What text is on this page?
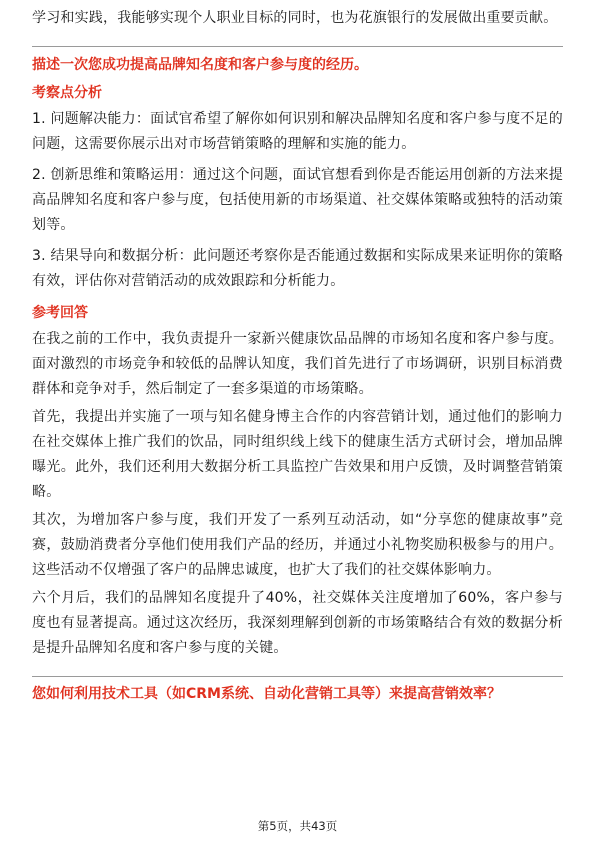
学习和实践，我能够实现个人职业目标的同时，也为花旗银行的发展做出重要贡献。

描述一次您成功提高品牌知名度和客户参与度的经历。
考察点分析

1. 问题解决能力：面试官希望了解你如何识别和解决品牌知名度和客户参与度不足的问题，这需要你展示出对市场营销策略的理解和实施的能力。

2. 创新思维和策略运用：通过这个问题，面试官想看到你是否能运用创新的方法来提高品牌知名度和客户参与度，包括使用新的市场渠道、社交媒体策略或独特的活动策划等。

3. 结果导向和数据分析：此问题还考察你是否能通过数据和实际成果来证明你的策略有效，评估你对营销活动的成效跟踪和分析能力。

参考回答

在我之前的工作中，我负责提升一家新兴健康饮品品牌的市场知名度和客户参与度。面对激烈的市场竞争和较低的品牌认知度，我们首先进行了市场调研，识别目标消费群体和竞争对手，然后制定了一套多渠道的市场策略。

首先，我提出并实施了一项与知名健身博主合作的内容营销计划，通过他们的影响力在社交媒体上推广我们的饮品，同时组织线上线下的健康生活方式研讨会，增加品牌曝光。此外，我们还利用大数据分析工具监控广告效果和用户反馈，及时调整营销策略。

其次，为增加客户参与度，我们开发了一系列互动活动，如“分享您的健康故事”竞赛，鼓励消费者分享他们使用我们产品的经历，并通过小礼物奖励积极参与的用户。这些活动不仅增强了客户的品牌忠诚度，也扩大了我们的社交媒体影响力。

六个月后，我们的品牌知名度提升了40%，社交媒体关注度增加了60%，客户参与度也有显著提高。通过这次经历，我深刻理解到创新的市场策略结合有效的数据分析是提升品牌知名度和客户参与度的关键。

您如何利用技术工具（如CRM系统、自动化营销工具等）来提高营销效率？
第5页，共43页
